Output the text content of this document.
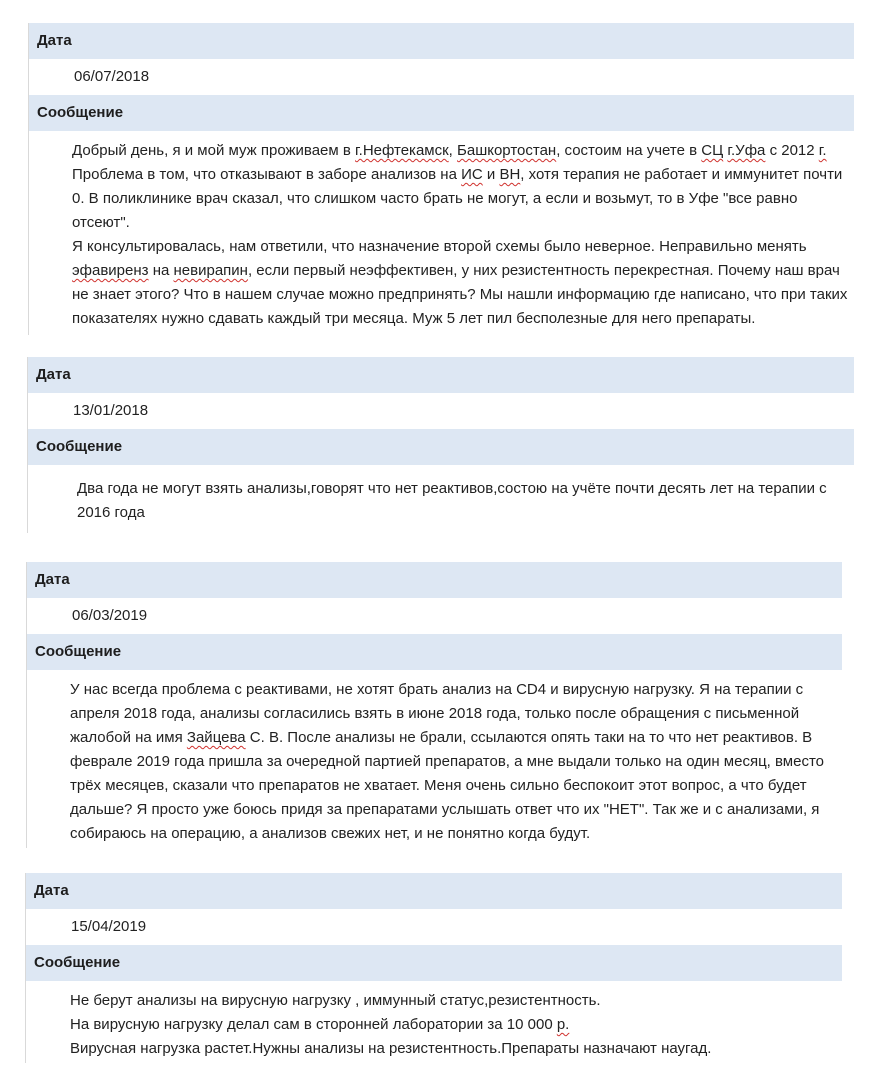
Дата
06/07/2018
Сообщение

Добрый день, я и мой муж проживаем в г.Нефтекамск, Башкортостан, состоим на учете в СЦ г.Уфа с 2012 г. Проблема в том, что отказывают в заборе анализов на ИС и ВН, хотя терапия не работает и иммунитет почти 0. В поликлинике врач сказал, что слишком часто брать не могут, а если и возьмут, то в Уфе "все равно отсеют".

Я консультировалась, нам ответили, что назначение второй схемы было неверное. Неправильно менять эфавиренз на невирапин, если первый неэффективен, у них резистентность перекрестная. Почему наш врач не знает этого? Что в нашем случае можно предпринять? Мы нашли информацию где написано, что при таких показателях нужно сдавать каждый три месяца. Муж 5 лет пил бесполезные для него препараты.

Дата
13/01/2018
Сообщение

Два года не могут взять анализы,говорят что нет реактивов,состою на учёте почти десять лет на терапии с 2016 года

Дата
06/03/2019
Сообщение

У нас всегда проблема с реактивами, не хотят брать анализ на CD4 и вирусную нагрузку. Я на терапии с апреля 2018 года, анализы согласились взять в июне 2018 года, только после обращения с письменной жалобой на имя Зайцева С. В. После анализы не брали, ссылаются опять таки на то что нет реактивов. В феврале 2019 года пришла за очередной партией препаратов, а мне выдали только на один месяц, вместо трёх месяцев, сказали что препаратов не хватает. Меня очень сильно беспокоит этот вопрос, а что будет дальше? Я просто уже боюсь придя за препаратами услышать ответ что их "НЕТ". Так же и с анализами, я собираюсь на операцию, а анализов свежих нет, и не понятно когда будут.

Дата
15/04/2019
Сообщение

Не берут анализы на вирусную нагрузку , иммунный статус,резистентность.

На вирусную нагрузку делал сам в сторонней лаборатории за 10 000 р.

Вирусная нагрузка растет.Нужны анализы на резистентность.Препараты назначают наугад.
